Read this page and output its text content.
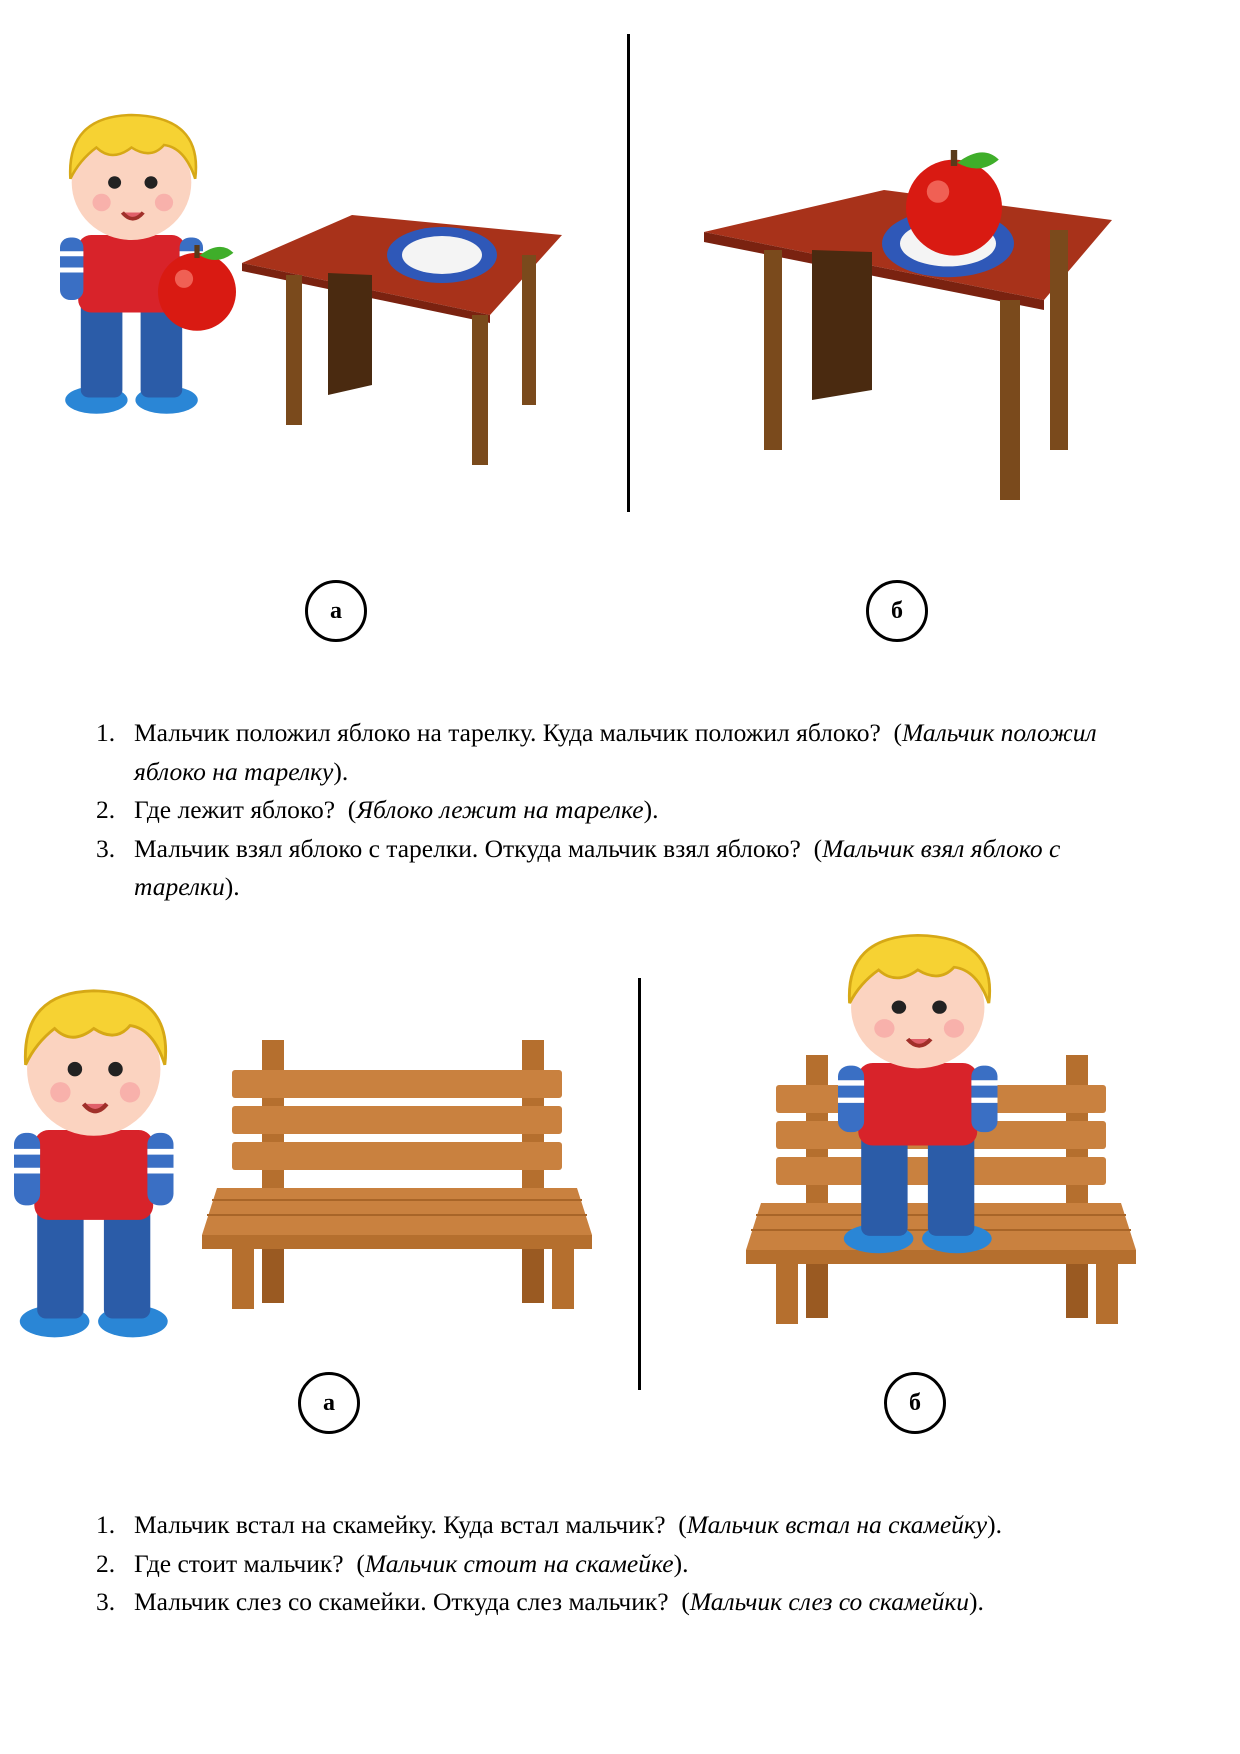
а	б
1. Мальчик положил яблоко на тарелку. Куда мальчик положил яблоко? (Мальчик положил яблоко на тарелку).
2. Где лежит яблоко? (Яблоко лежит на тарелке).
3. Мальчик взял яблоко с тарелки. Откуда мальчик взял яблоко? (Мальчик взял яблоко с тарелки).
а	б
1. Мальчик встал на скамейку. Куда встал мальчик? (Мальчик встал на скамейку).
2. Где стоит мальчик? (Мальчик стоит на скамейке).
3. Мальчик слез со скамейки. Откуда слез мальчик? (Мальчик слез со скамейки).
